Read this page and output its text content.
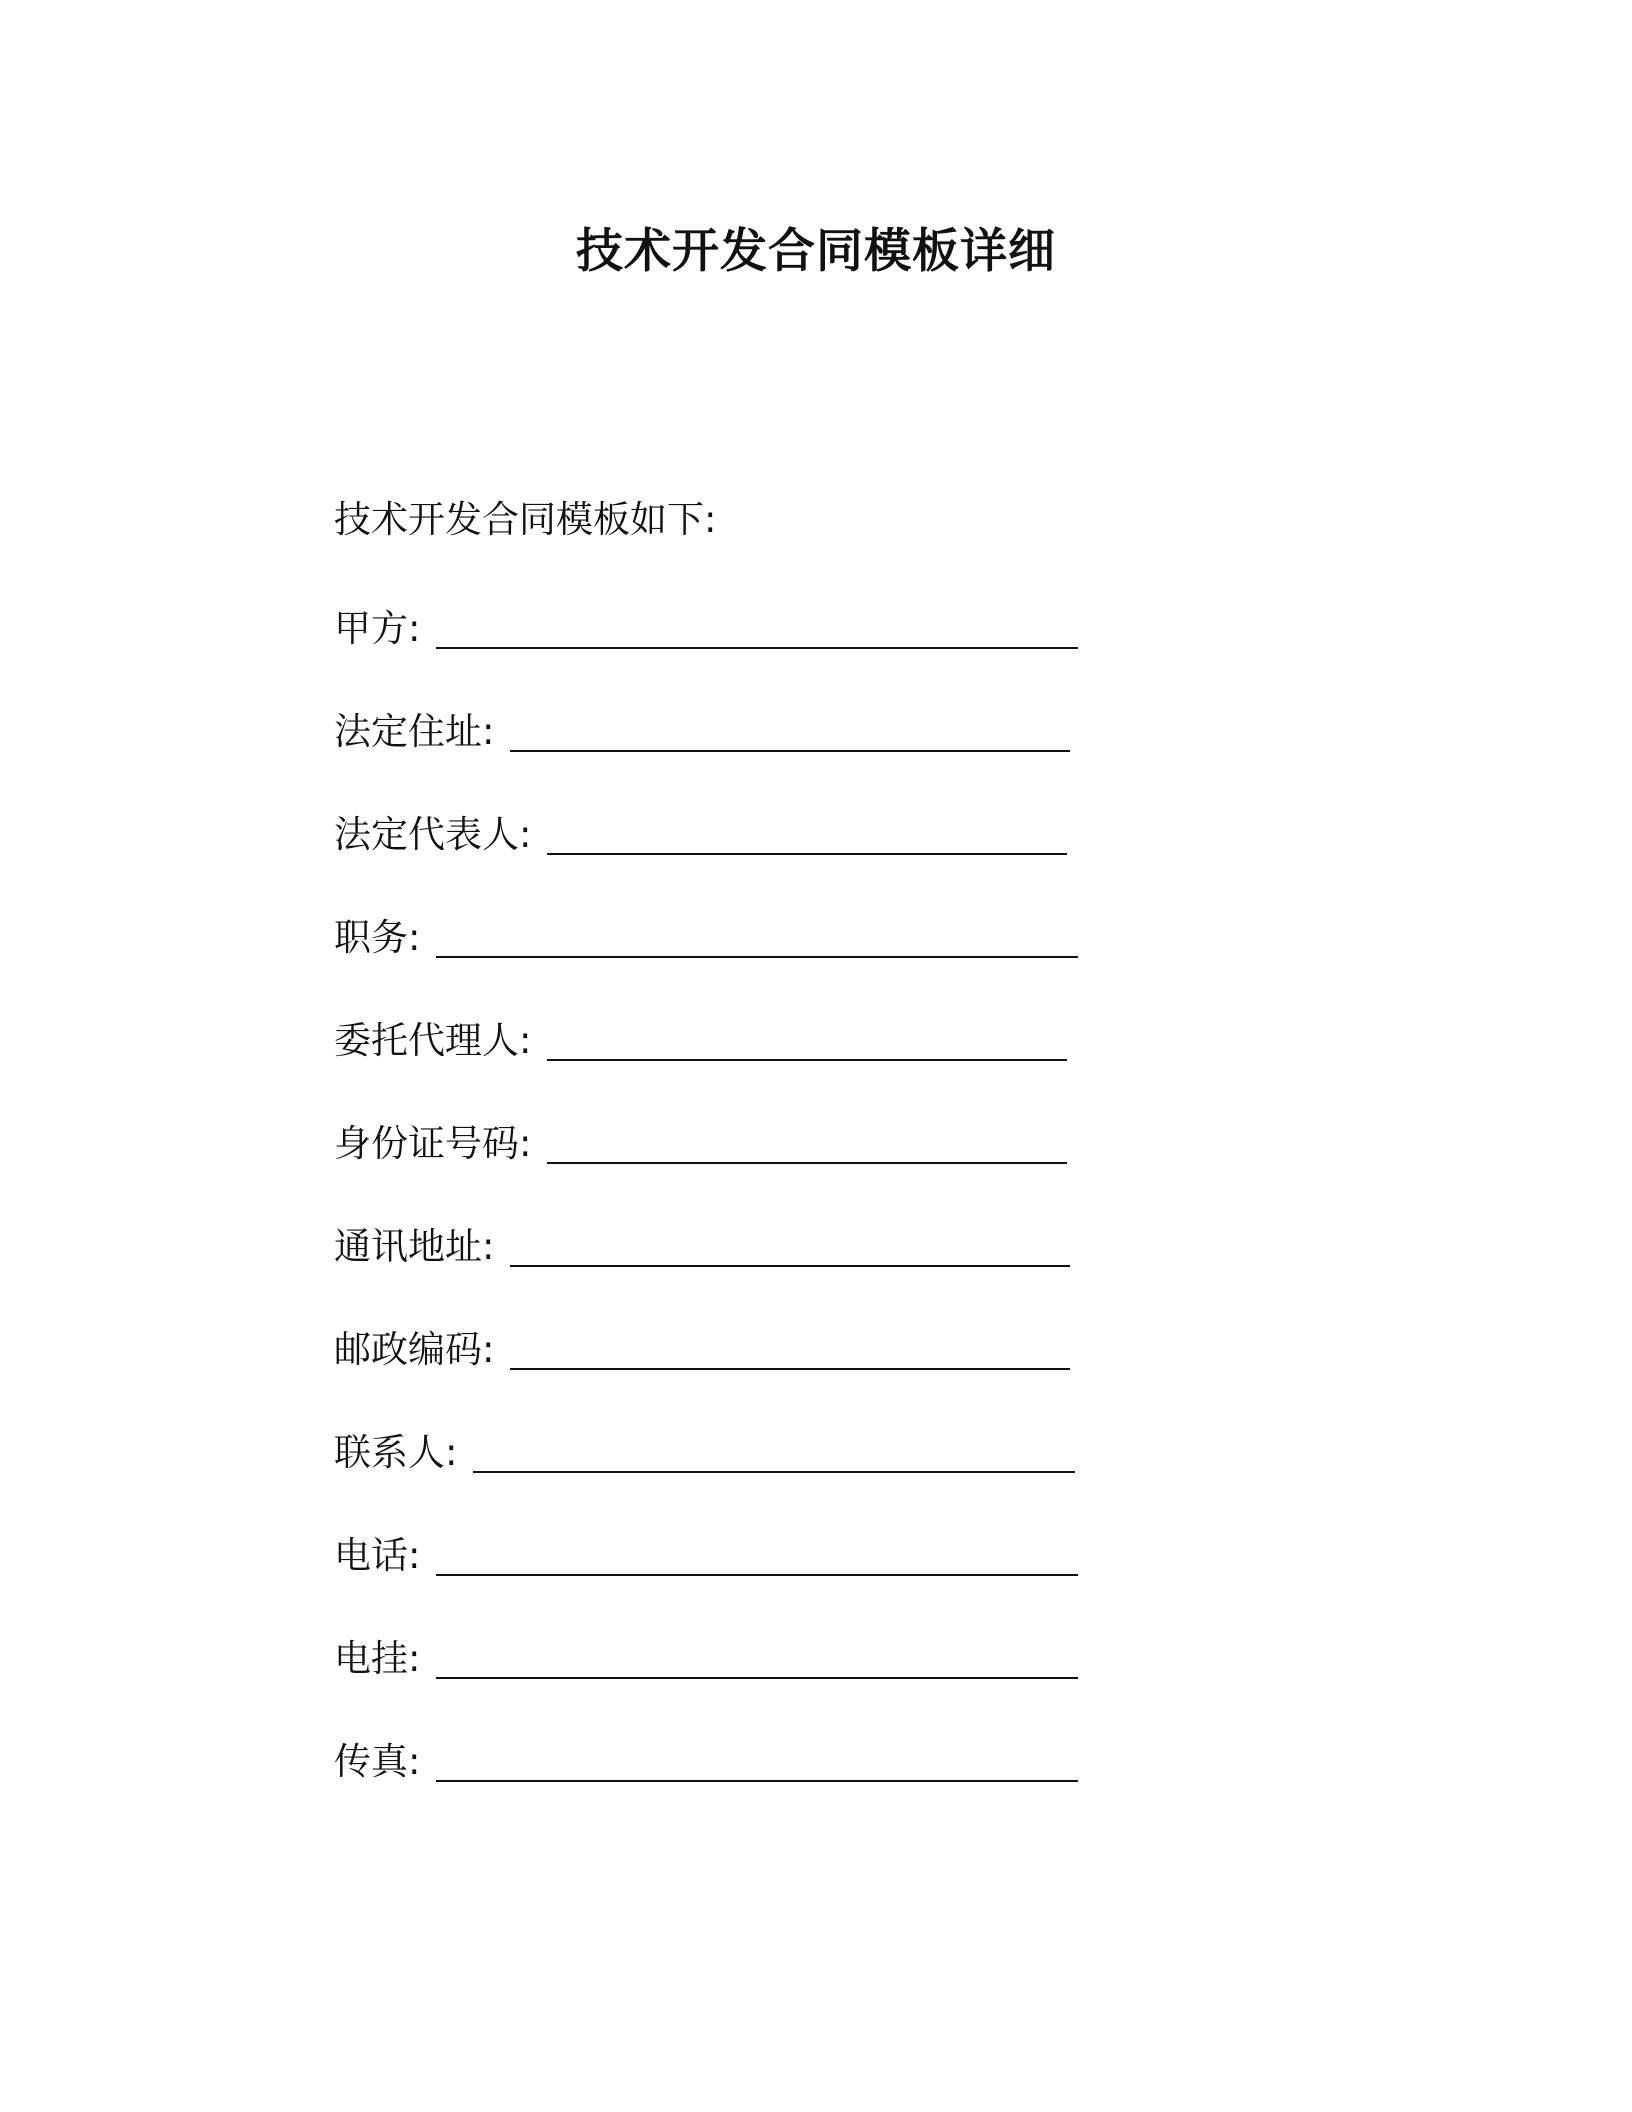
技术开发合同模板详细

技术开发合同模板如下:

甲方 :
法定住址 :
法定代表人 :
职务 :
委托代理人 :
身份证号码 :
通讯地址 :
邮政编码 :
联系人 :
电话 :
电挂 :
传真 :
